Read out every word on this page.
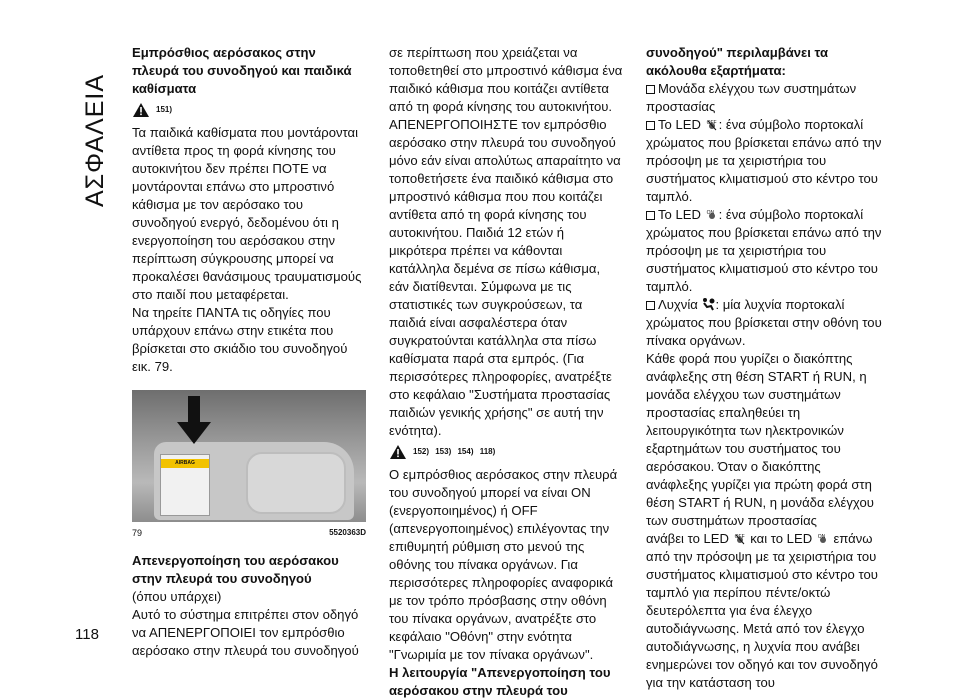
ΑΣΦΑΛΕΙΑ

Εμπρόσθιος αερόσακος στην πλευρά του συνοδηγού και παιδικά καθίσματα

151)

Τα παιδικά καθίσματα που μοντάρονται αντίθετα προς τη φορά κίνησης του αυτοκινήτου δεν πρέπει ΠΟΤΕ να μοντάρονται επάνω στο μπροστινό κάθισμα με τον αερόσακο του συνοδηγού ενεργό, δεδομένου ότι η ενεργοποίηση του αερόσακου στην περίπτωση σύγκρουσης μπορεί να προκαλέσει θανάσιμους τραυματισμούς στο παιδί που μεταφέρεται.

Να τηρείτε ΠΑΝΤΑ τις οδηγίες που υπάρχουν επάνω στην ετικέτα που βρίσκεται στο σκιάδιο του συνοδηγού εικ. 79.

AIRBAG
79	5520363D

Απενεργοποίηση του αερόσακου στην πλευρά του συνοδηγού

(όπου υπάρχει)

Αυτό το σύστημα επιτρέπει στον οδηγό να ΑΠΕΝΕΡΓΟΠΟΙΕΙ τον εμπρόσθιο αερόσακο στην πλευρά του συνοδηγού

σε περίπτωση που χρειάζεται να τοποθετηθεί στο μπροστινό κάθισμα ένα παιδικό κάθισμα που κοιτάζει αντίθετα από τη φορά κίνησης του αυτοκινήτου. ΑΠΕΝΕΡΓΟΠΟΙΗΣΤΕ τον εμπρόσθιο αερόσακο στην πλευρά του συνοδηγού μόνο εάν είναι απολύτως απαραίτητο να τοποθετήσετε ένα παιδικό κάθισμα στο μπροστινό κάθισμα που που κοιτάζει αντίθετα από τη φορά κίνησης του αυτοκινήτου. Παιδιά 12 ετών ή μικρότερα πρέπει να κάθονται κατάλληλα δεμένα σε πίσω κάθισμα, εάν διατίθενται. Σύμφωνα με τις στατιστικές των συγκρούσεων, τα παιδιά είναι ασφαλέστερα όταν συγκρατούνται κατάλληλα στα πίσω καθίσματα παρά στα εμπρός. (Για περισσότερες πληροφορίες, ανατρέξτε στο κεφάλαιο "Συστήματα προστασίας παιδιών γενικής χρήσης" σε αυτή την ενότητα).

152) 153) 154) 118)

Ο εμπρόσθιος αερόσακος στην πλευρά του συνοδηγού μπορεί να είναι ON (ενεργοποιημένος) ή OFF (απενεργοποιημένος) επιλέγοντας την επιθυμητή ρύθμιση στο μενού της οθόνης του πίνακα οργάνων. Για περισσότερες πληροφορίες αναφορικά με τον τρόπο πρόσβασης στην οθόνη του πίνακα οργάνων, ανατρέξτε στο κεφάλαιο "Οθόνη" στην ενότητα "Γνωριμία με τον πίνακα οργάνων".

Η λειτουργία "Απενεργοποίηση του αερόσακου στην πλευρά του

συνοδηγού" περιλαμβάνει τα ακόλουθα εξαρτήματα:

Μονάδα ελέγχου των συστημάτων προστασίας

Το LED OFF : ένα σύμβολο πορτοκαλί χρώματος που βρίσκεται επάνω από την πρόσοψη με τα χειριστήρια του συστήματος κλιματισμού στο κέντρο του ταμπλό.

Το LED ON : ένα σύμβολο πορτοκαλί χρώματος που βρίσκεται επάνω από την πρόσοψη με τα χειριστήρια του συστήματος κλιματισμού στο κέντρο του ταμπλό.

Λυχνία : μία λυχνία πορτοκαλί χρώματος που βρίσκεται στην οθόνη του πίνακα οργάνων.

Κάθε φορά που γυρίζει ο διακόπτης ανάφλεξης στη θέση START ή RUN, η μονάδα ελέγχου των συστημάτων προστασίας επαληθεύει τη λειτουργικότητα των ηλεκτρονικών εξαρτημάτων του συστήματος του αερόσακου. Όταν ο διακόπτης ανάφλεξης γυρίζει για πρώτη φορά στη θέση START ή RUN, η μονάδα ελέγχου των συστημάτων προστασίας

ανάβει το LED OFF και το LED ON επάνω από την πρόσοψη με τα χειριστήρια του συστήματος κλιματισμού στο κέντρο του ταμπλό για περίπου πέντε/οκτώ δευτερόλεπτα για ένα έλεγχο αυτοδιάγνωσης. Μετά από τον έλεγχο αυτοδιάγνωσης, η λυχνία που ανάβει ενημερώνει τον οδηγό και τον συνοδηγό για την κατάσταση του

118
